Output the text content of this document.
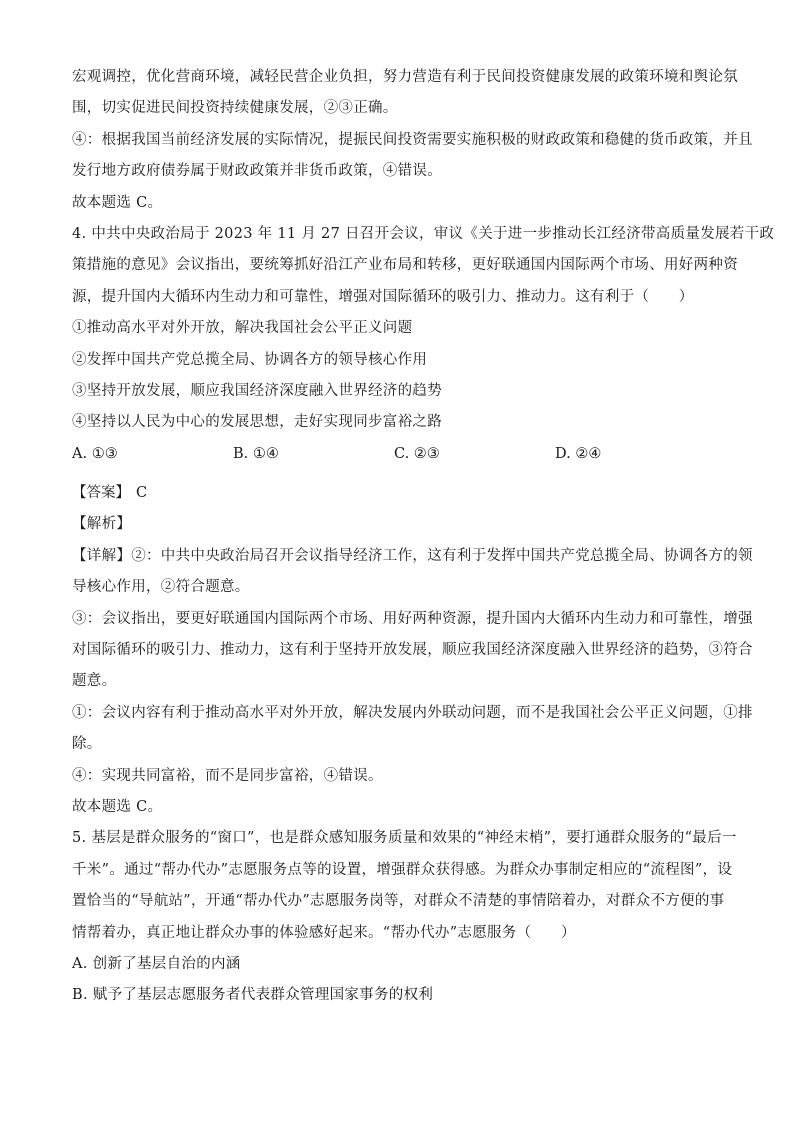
宏观调控，优化营商环境，减轻民营企业负担，努力营造有利于民间投资健康发展的政策环境和舆论氛
围，切实促进民间投资持续健康发展，②③正确。
④：根据我国当前经济发展的实际情况，提振民间投资需要实施积极的财政政策和稳健的货币政策，并且
发行地方政府债券属于财政政策并非货币政策，④错误。
故本题选 C。
4. 中共中央政治局于 2023 年 11 月 27 日召开会议，审议《关于进一步推动长江经济带高质量发展若干政
策措施的意见》会议指出，要统筹抓好沿江产业布局和转移，更好联通国内国际两个市场、用好两种资
源，提升国内大循环内生动力和可靠性，增强对国际循环的吸引力、推动力。这有利于（　　）
①推动高水平对外开放，解决我国社会公平正义问题
②发挥中国共产党总揽全局、协调各方的领导核心作用
③坚持开放发展，顺应我国经济深度融入世界经济的趋势
④坚持以人民为中心的发展思想，走好实现同步富裕之路
A. ①③	B. ①④	C. ②③	D. ②④
【答案】 C
【解析】
【详解】②：中共中央政治局召开会议指导经济工作，这有利于发挥中国共产党总揽全局、协调各方的领
导核心作用，②符合题意。
③：会议指出，要更好联通国内国际两个市场、用好两种资源，提升国内大循环内生动力和可靠性，增强
对国际循环的吸引力、推动力，这有利于坚持开放发展，顺应我国经济深度融入世界经济的趋势，③符合
题意。
①：会议内容有利于推动高水平对外开放，解决发展内外联动问题，而不是我国社会公平正义问题，①排
除。
④：实现共同富裕，而不是同步富裕，④错误。
故本题选 C。
5. 基层是群众服务的“窗口”，也是群众感知服务质量和效果的“神经末梢”，要打通群众服务的“最后一
千米”。通过“帮办代办”志愿服务点等的设置，增强群众获得感。为群众办事制定相应的“流程图”，设
置恰当的“导航站”，开通“帮办代办”志愿服务岗等，对群众不清楚的事情陪着办，对群众不方便的事
情帮着办，真正地让群众办事的体验感好起来。“帮办代办”志愿服务（　　）
A. 创新了基层自治的内涵
B. 赋予了基层志愿服务者代表群众管理国家事务的权利
